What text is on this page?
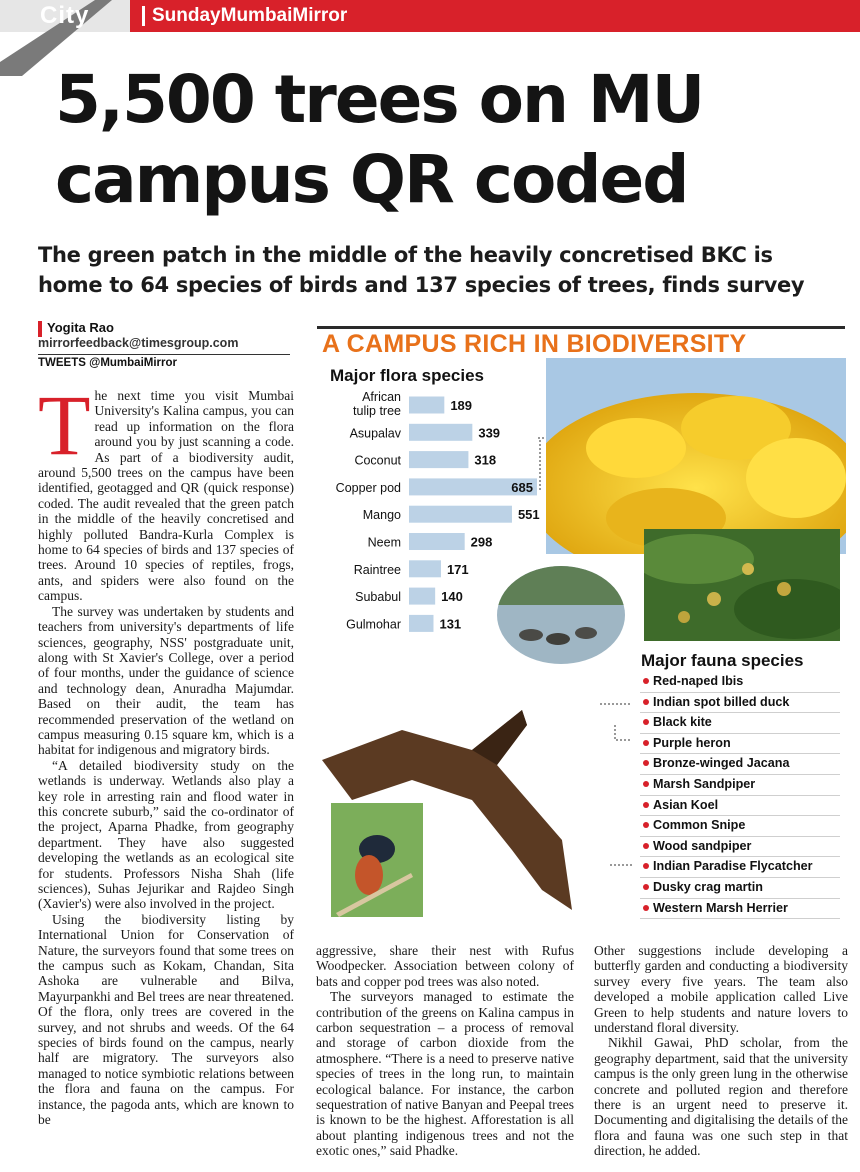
City	SundayMumbaiMirror
5,500 trees on MU
campus QR coded
The green patch in the middle of the heavily concretised BKC is
home to 64 species of birds and 137 species of trees, finds survey
Yogita Rao
mirrorfeedback@timesgroup.com
TWEETS @MumbaiMirror

The next time you visit Mumbai University's Kalina campus, you can read up information on the flora around you by just scanning a code. As part of a biodiversity audit, around 5,500 trees on the campus have been identified, geotagged and QR (quick response) coded. The audit revealed that the green patch in the middle of the heavily concretised and highly polluted Bandra-Kurla Complex is home to 64 species of birds and 137 species of trees. Around 10 species of reptiles, frogs, ants, and spiders were also found on the campus.

The survey was undertaken by students and teachers from university's departments of life sciences, geography, NSS' postgraduate unit, along with St Xavier's College, over a period of four months, under the guidance of science and technology dean, Anuradha Majumdar. Based on their audit, the team has recommended preservation of the wetland on campus measuring 0.15 square km, which is a habitat for indigenous and migratory birds.

“A detailed biodiversity study on the wetlands is underway. Wetlands also play a key role in arresting rain and flood water in this concrete suburb,” said the co-ordinator of the project, Aparna Phadke, from geography department. They have also suggested developing the wetlands as an ecological site for students. Professors Nisha Shah (life sciences), Suhas Jejurikar and Rajdeo Singh (Xavier's) were also involved in the project.

Using the biodiversity listing by International Union for Conservation of Nature, the surveyors found that some trees on the campus such as Kokam, Chandan, Sita Ashoka are vulnerable and Bilva, Mayurpankhi and Bel trees are near threatened. Of the flora, only trees are covered in the survey, and not shrubs and weeds. Of the 64 species of birds found on the campus, nearly half are migratory. The surveyors also managed to notice symbiotic relations between the flora and fauna on the campus. For instance, the pagoda ants, which are known to be

aggressive, share their nest with Rufus Woodpecker. Association between colony of bats and copper pod trees was also noted.

The surveyors managed to estimate the contribution of the greens on Kalina campus in carbon sequestration – a process of removal and storage of carbon dioxide from the atmosphere. “There is a need to preserve native species of trees in the long run, to maintain ecological balance. For instance, the carbon sequestration of native Banyan and Peepal trees is known to be the highest. Afforestation is all about planting indigenous trees and not the exotic ones,” said Phadke.

Other suggestions include developing a butterfly garden and conducting a biodiversity survey every five years. The team also developed a mobile application called Live Green to help students and nature lovers to understand floral diversity.

Nikhil Gawai, PhD scholar, from the geography department, said that the university campus is the only green lung in the otherwise concrete and polluted region and therefore there is an urgent need to preserve it. Documenting and digitalising the details of the flora and fauna was one such step in that direction, he added.

A CAMPUS RICH IN BIODIVERSITY
Major flora species
189
African tulip tree
339
Asupalav
318
Coconut
685
Copper pod
551
Mango
298
Neem
171
Raintree
140
Subabul
131
Gulmohar
Major fauna species
Red-naped Ibis
Indian spot billed duck
Black kite
Purple heron
Bronze-winged Jacana
Marsh Sandpiper
Asian Koel
Common Snipe
Wood sandpiper
Indian Paradise Flycatcher
Dusky crag martin
Western Marsh Herrier
